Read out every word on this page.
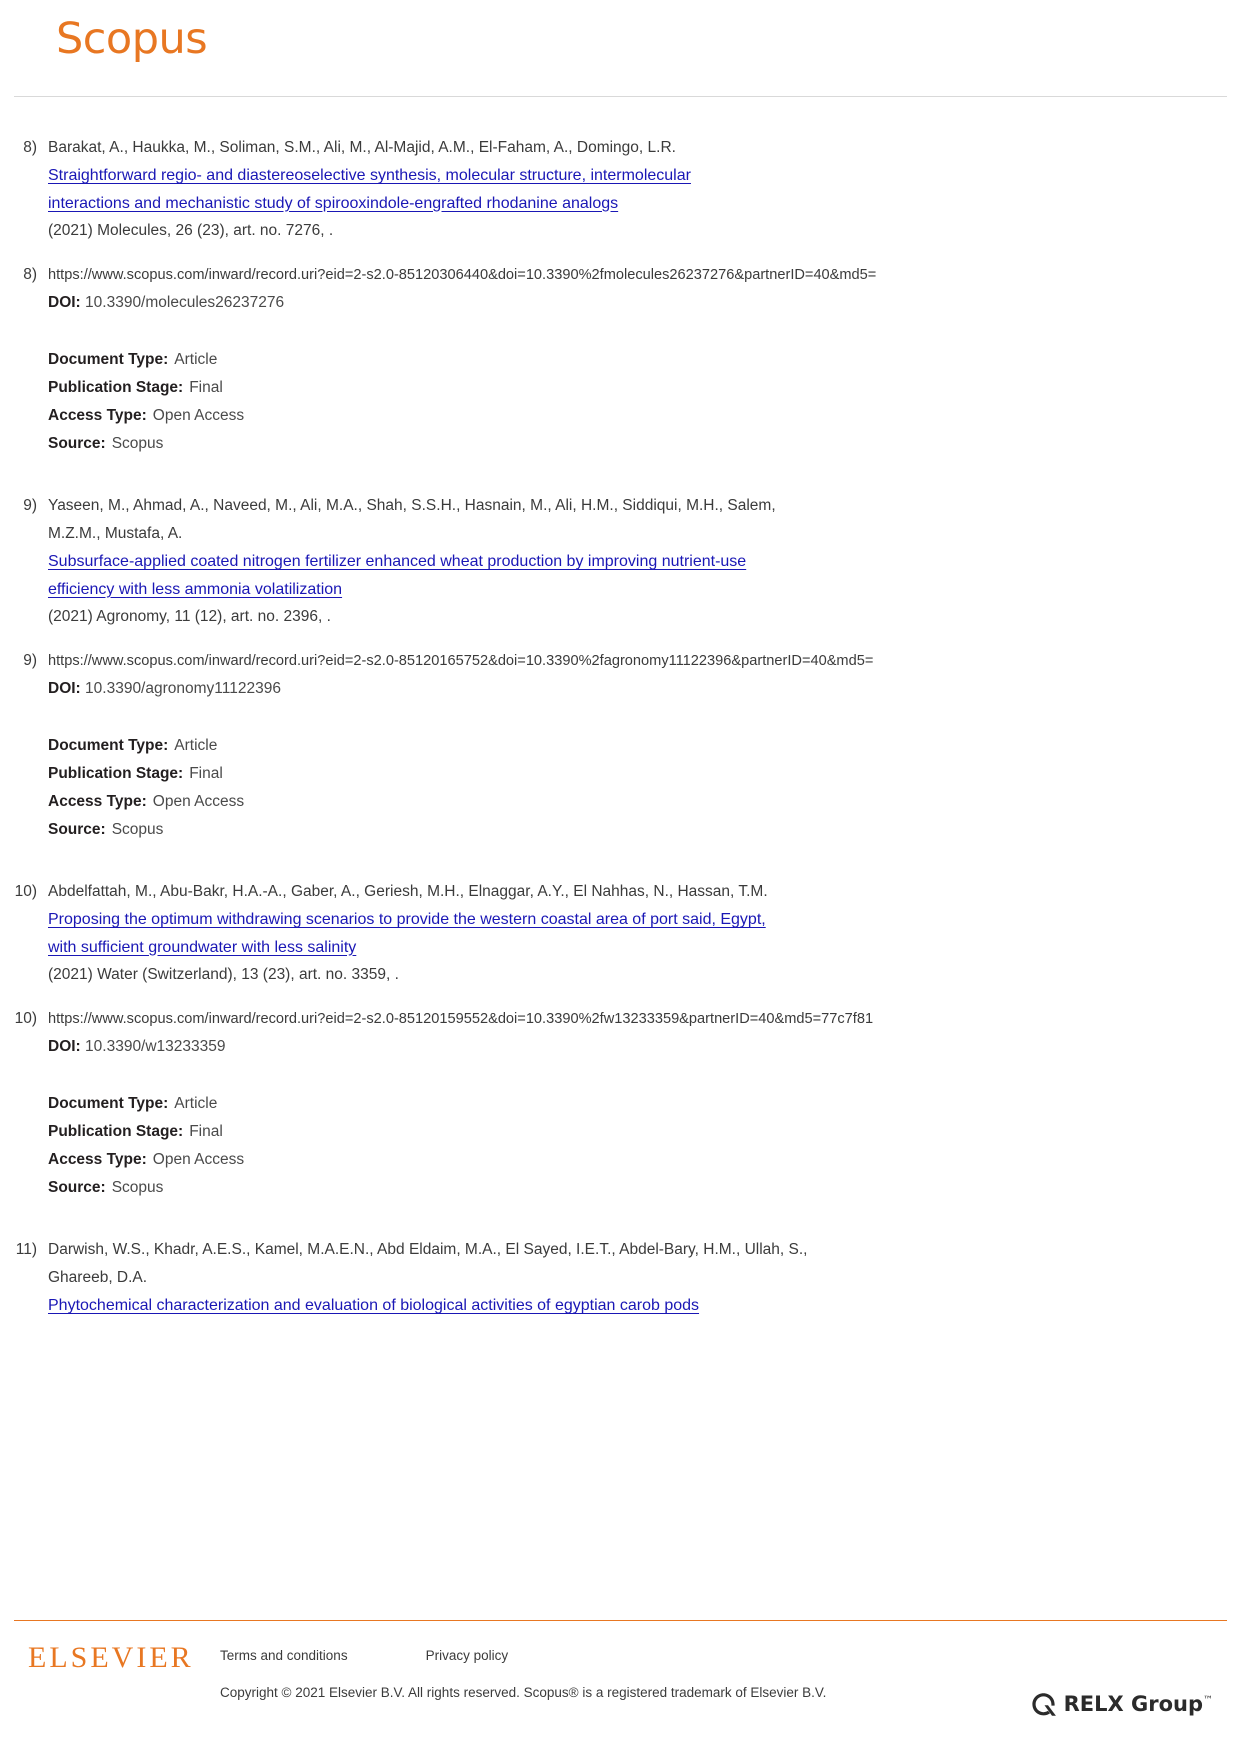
Scopus
8) Barakat, A., Haukka, M., Soliman, S.M., Ali, M., Al-Majid, A.M., El-Faham, A., Domingo, L.R.
Straightforward regio- and diastereoselective synthesis, molecular structure, intermolecular
interactions and mechanistic study of spirooxindole-engrafted rhodanine analogs
(2021) Molecules, 26 (23), art. no. 7276, .
8) https://www.scopus.com/inward/record.uri?eid=2-s2.0-85120306440&doi=10.3390%2fmolecules26237276&partnerID=40&md5=
DOI: 10.3390/molecules26237276
Document Type: Article
Publication Stage: Final
Access Type: Open Access
Source: Scopus
9) Yaseen, M., Ahmad, A., Naveed, M., Ali, M.A., Shah, S.S.H., Hasnain, M., Ali, H.M., Siddiqui, M.H., Salem, M.Z.M., Mustafa, A.
Subsurface-applied coated nitrogen fertilizer enhanced wheat production by improving nutrient-use
efficiency with less ammonia volatilization
(2021) Agronomy, 11 (12), art. no. 2396, .
9) https://www.scopus.com/inward/record.uri?eid=2-s2.0-85120165752&doi=10.3390%2fagronomy11122396&partnerID=40&md5=
DOI: 10.3390/agronomy11122396
Document Type: Article
Publication Stage: Final
Access Type: Open Access
Source: Scopus
10) Abdelfattah, M., Abu-Bakr, H.A.-A., Gaber, A., Geriesh, M.H., Elnaggar, A.Y., El Nahhas, N., Hassan, T.M.
Proposing the optimum withdrawing scenarios to provide the western coastal area of port said, Egypt,
with sufficient groundwater with less salinity
(2021) Water (Switzerland), 13 (23), art. no. 3359, .
10) https://www.scopus.com/inward/record.uri?eid=2-s2.0-85120159552&doi=10.3390%2fw13233359&partnerID=40&md5=77c7f81
DOI: 10.3390/w13233359
Document Type: Article
Publication Stage: Final
Access Type: Open Access
Source: Scopus
11) Darwish, W.S., Khadr, A.E.S., Kamel, M.A.E.N., Abd Eldaim, M.A., El Sayed, I.E.T., Abdel-Bary, H.M., Ullah, S., Ghareeb, D.A.
Phytochemical characterization and evaluation of biological activities of egyptian carob pods
ELSEVIER	Terms and conditions	Privacy policy
Copyright © 2021 Elsevier B.V. All rights reserved. Scopus® is a registered trademark of Elsevier B.V.	RELX Group™
